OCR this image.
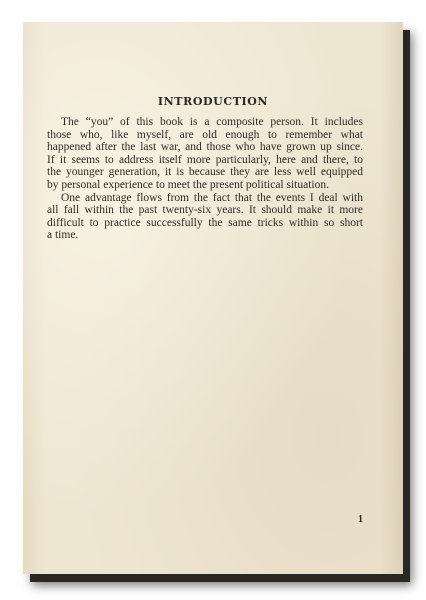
INTRODUCTION

The “you” of this book is a composite person. It includes
those who, like myself, are old enough to remember what
happened after the last war, and those who have grown up since.
If it seems to address itself more particularly, here and there, to
the younger generation, it is because they are less well equipped
by personal experience to meet the present political situation.

One advantage flows from the fact that the events I deal with
all fall within the past twenty-six years. It should make it more
difficult to practice successfully the same tricks within so short
a time.

1
